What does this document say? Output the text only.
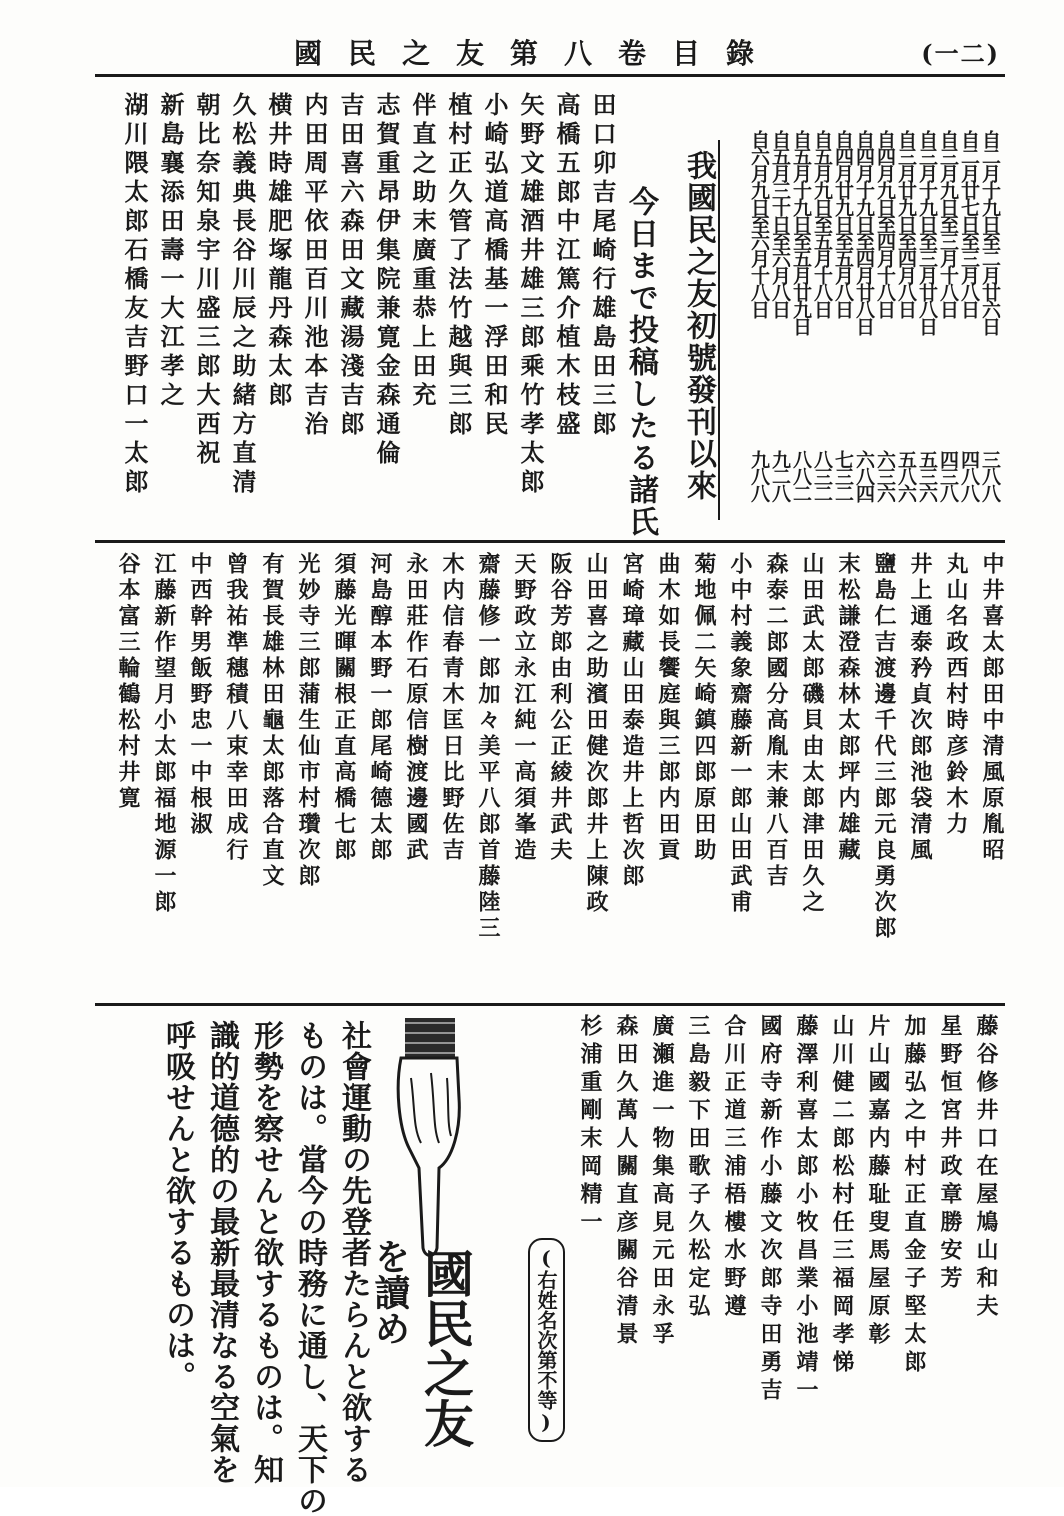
(一二)
國民之友第八卷目錄
自二月十九日至二月廿六日
三八八
自二月廿七日至三月八日
四八八
自三月九日至三月十八日
四三八
自三月十九日至三月廿八日
五三六
自三月廿九日至四月八日
五八六
自四月九日至四月十八日
六三六
自四月十九日至四月廿八日
六八四
自四月廿九日至五月八日
七三二
自五月九日至五月十八日
八三二
自五月十九日至五月廿九日
八八二
自五月三十日至六月八日
九二八
自六月九日至六月十八日
九八八
我國民之友初號發刊以來
今日まで投稿したる諸氏
田口卯吉尾崎行雄島田三郎
高橋五郎中江篤介植木枝盛
矢野文雄酒井雄三郎乘竹孝太郎
小崎弘道高橋基一浮田和民
植村正久管了法竹越與三郎
伴直之助末廣重恭上田充
志賀重昂伊集院兼寛金森通倫
吉田喜六森田文藏湯淺吉郎
内田周平依田百川池本吉治
横井時雄肥塚龍丹森太郎
久松義典長谷川辰之助緒方直清
朝比奈知泉宇川盛三郎大西祝
新島襄添田壽一大江孝之
湖川隈太郎石橋友吉野口一太郎
中井喜太郎田中清風原胤昭
丸山名政西村時彦鈴木力
井上通泰矜貞次郎池袋清風
鹽島仁吉渡邊千代三郎元良勇次郎
末松謙澄森林太郎坪内雄藏
山田武太郎磯貝由太郎津田久之
森泰二郎國分高胤末兼八百吉
小中村義象齋藤新一郎山田武甫
菊地佩二矢崎鎮四郎原田助
曲木如長饗庭與三郎内田貢
宮崎璋藏山田泰造井上哲次郎
山田喜之助濱田健次郎井上陳政
阪谷芳郎由利公正綾井武夫
天野政立永江純一高須峯造
齋藤修一郎加々美平八郎首藤陸三
木内信春青木匡日比野佐吉
永田莊作石原信樹渡邊國武
河島醇本野一郎尾崎德太郎
須藤光暉關根正直高橋七郎
光妙寺三郎蒲生仙市村瓚次郎
有賀長雄林田龜太郎落合直文
曾我祐準穗積八束幸田成行
中西幹男飯野忠一中根淑
江藤新作望月小太郎福地源一郎
谷本富三輪鶴松村井寛
藤谷修井口在屋鳩山和夫
星野恒宮井政章勝安芳
加藤弘之中村正直金子堅太郎
片山國嘉内藤耻叟馬屋原彰
山川健二郎松村任三福岡孝悌
藤澤利喜太郎小牧昌業小池靖一
國府寺新作小藤文次郎寺田勇吉
合川正道三浦梧樓水野遵
三島毅下田歌子久松定弘
廣瀬進一物集高見元田永孚
森田久萬人關直彦關谷清景
杉浦重剛末岡精一
(右姓名次第不等)
國民之友
を讀め
社會運動の先登者たらんと欲する
ものは。當今の時務に通し、天下の
形勢を察せんと欲するものは。知
識的道德的の最新最清なる空氣を
呼吸せんと欲するものは。
